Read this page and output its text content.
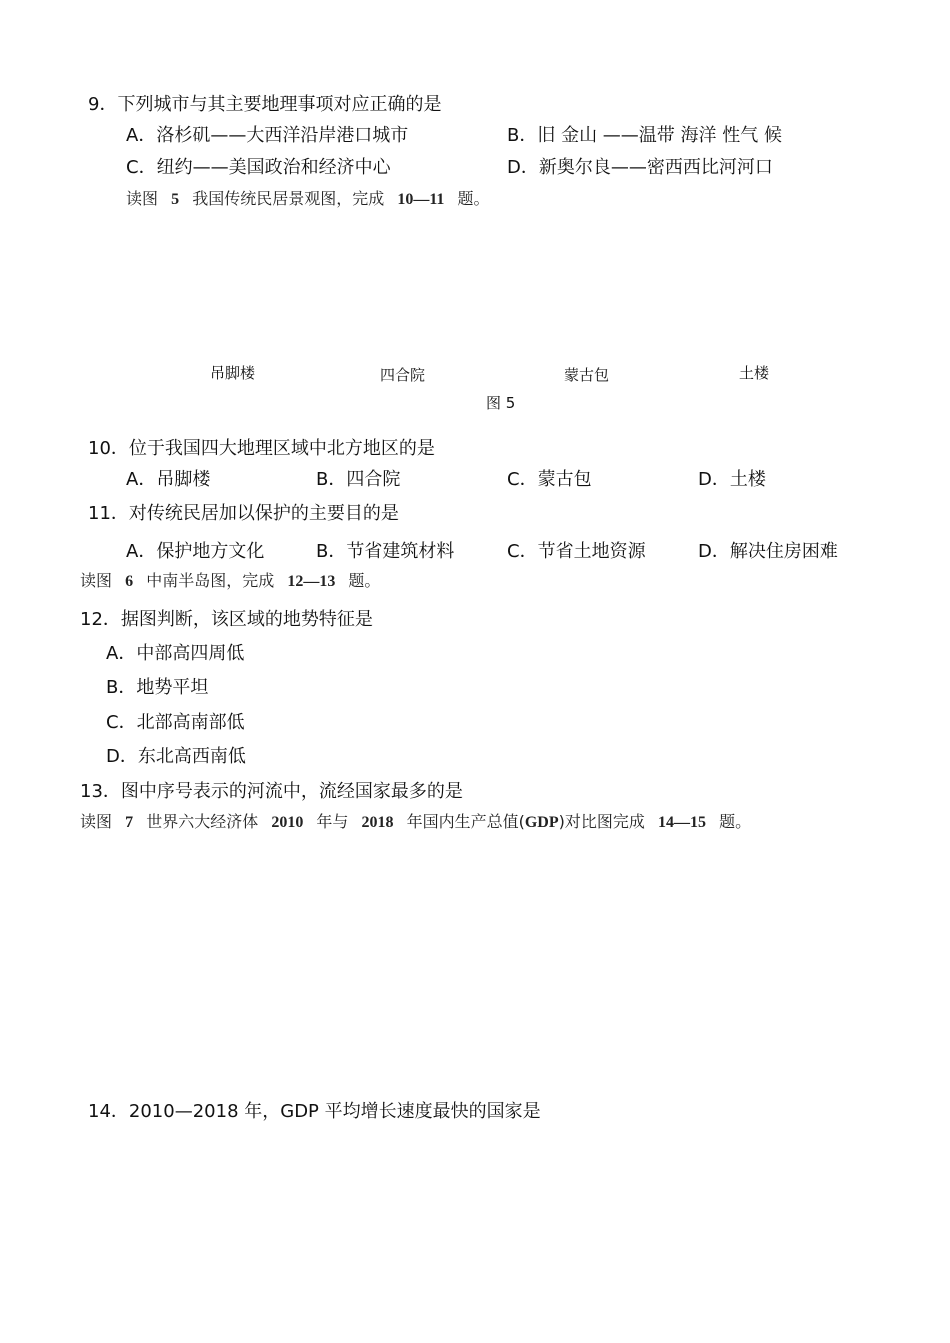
9．下列城市与其主要地理事项对应正确的是
A．洛杉矶——大西洋沿岸港口城市	B．旧 金山 ——温带 海洋 性气 候
C．纽约——美国政治和经济中心	D．新奥尔良——密西西比河河口
读图 5 我国传统民居景观图，完成 10—11 题。
吊脚楼	四合院	蒙古包	土楼
图 5
10．位于我国四大地理区域中北方地区的是
A．吊脚楼	B．四合院	C．蒙古包	D．土楼
11．对传统民居加以保护的主要目的是
A．保护地方文化	B．节省建筑材料	C．节省土地资源	D．解决住房困难
读图 6 中南半岛图，完成 12—13 题。
12．据图判断，该区域的地势特征是
A．中部高四周低
B．地势平坦
C．北部高南部低
D．东北高西南低
13．图中序号表示的河流中，流经国家最多的是
读图 7 世界六大经济体 2010 年与 2018 年国内生产总值(GDP)对比图完成 14—15 题。
14．2010—2018 年，GDP 平均增长速度最快的国家是
